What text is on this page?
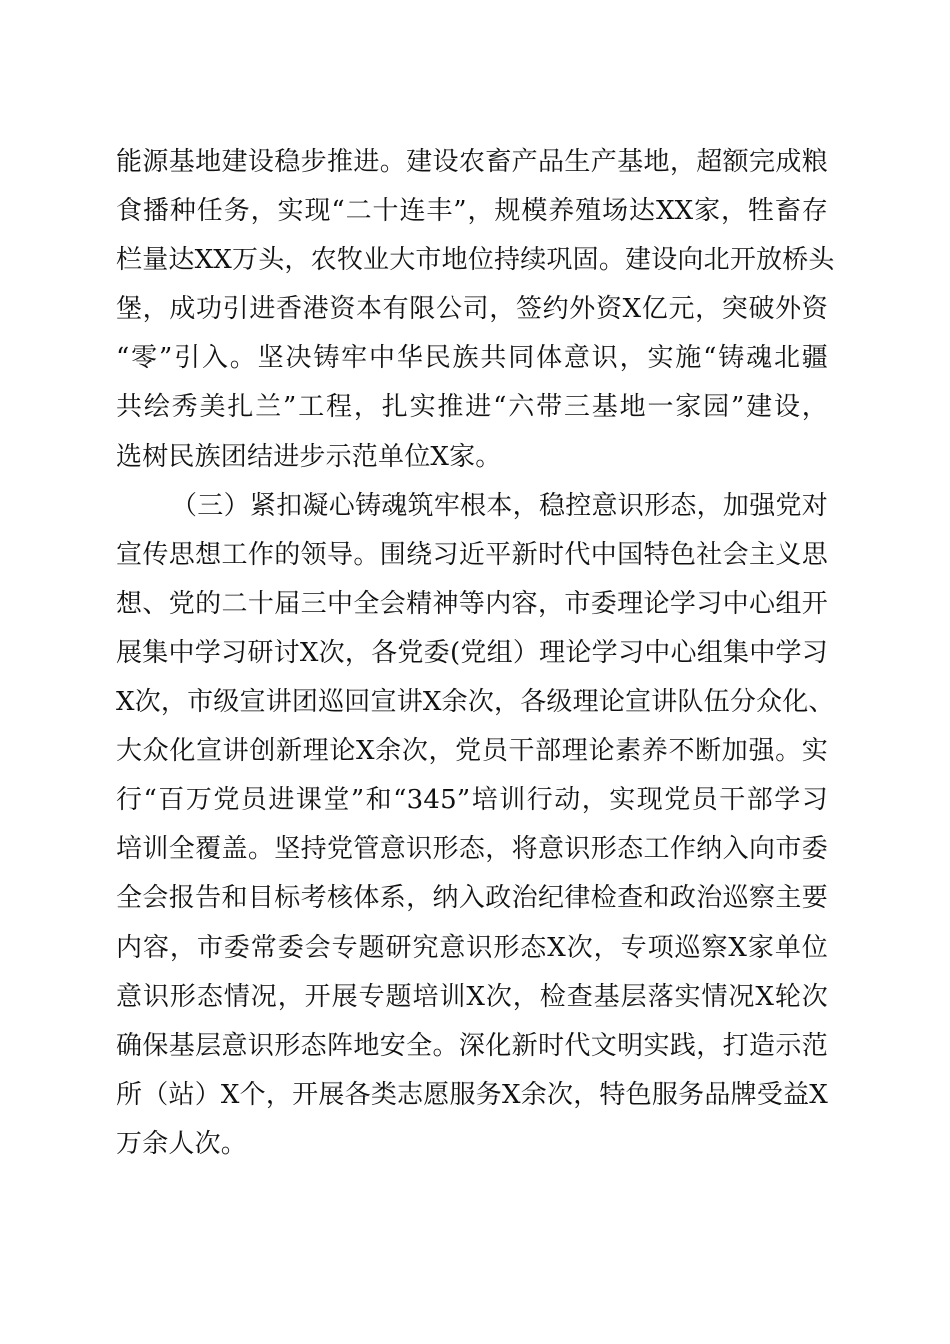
能源基地建设稳步推进。建设农畜产品生产基地，超额完成粮
食播种任务，实现“二十连丰”，规模养殖场达XX家，牲畜存
栏量达XX万头，农牧业大市地位持续巩固。建设向北开放桥头
堡，成功引进香港资本有限公司，签约外资X亿元，突破外资
“零”引入。坚决铸牢中华民族共同体意识，实施“铸魂北疆
共绘秀美扎兰”工程，扎实推进“六带三基地一家园”建设，
选树民族团结进步示范单位X家。
（三）紧扣凝心铸魂筑牢根本，稳控意识形态，加强党对
宣传思想工作的领导。围绕习近平新时代中国特色社会主义思
想、党的二十届三中全会精神等内容，市委理论学习中心组开
展集中学习研讨X次，各党委(党组）理论学习中心组集中学习
X次，市级宣讲团巡回宣讲X余次，各级理论宣讲队伍分众化、
大众化宣讲创新理论X余次，党员干部理论素养不断加强。实
行“百万党员进课堂”和“345”培训行动，实现党员干部学习
培训全覆盖。坚持党管意识形态，将意识形态工作纳入向市委
全会报告和目标考核体系，纳入政治纪律检查和政治巡察主要
内容，市委常委会专题研究意识形态X次，专项巡察X家单位
意识形态情况，开展专题培训X次，检查基层落实情况X轮次
确保基层意识形态阵地安全。深化新时代文明实践，打造示范
所（站）X个，开展各类志愿服务X余次，特色服务品牌受益X
万余人次。
